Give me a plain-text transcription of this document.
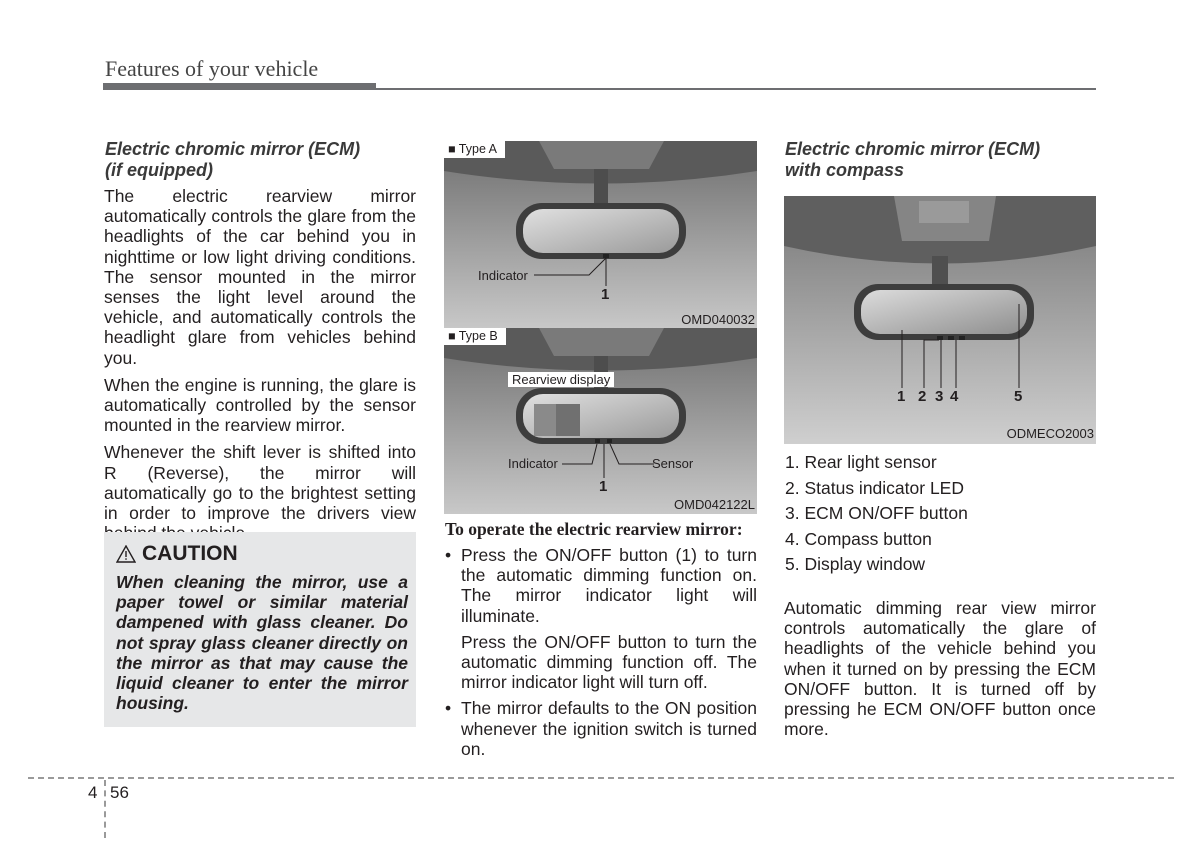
Features of your vehicle
Electric chromic mirror (ECM)
(if equipped)

The electric rearview mirror automatically controls the glare from the headlights of the car behind you in nighttime or low light driving conditions. The sensor mounted in the mirror senses the light level around the vehicle, and automatically controls the headlight glare from vehicles behind you.

When the engine is running, the glare is automatically controlled by the sensor mounted in the rearview mirror.

Whenever the shift lever is shifted into R (Reverse), the mirror will automatically go to the brightest setting in order to improve the drivers view

CAUTION
When cleaning the mirror, use a paper towel or similar material dampened with glass cleaner. Do not spray glass cleaner directly on the mirror as that may cause the liquid cleaner to enter the mirror housing.
■ Type A
Indicator
1
OMD040032
■ Type B
Rearview display
Indicator	Sensor
1
OMD042122L
To operate the electric rearview mirror:
• Press the ON/OFF button (1) to turn the automatic dimming function on. The mirror indicator light will illuminate.
Press the ON/OFF button to turn the automatic dimming function off. The mirror indicator light will turn off.
• The mirror defaults to the ON position whenever the ignition switch is turned on.
Electric chromic mirror (ECM)
with compass
1 2 3 4	5
ODMECO2003
1. Rear light sensor
2. Status indicator LED
3. ECM ON/OFF button
4. Compass button
5. Display window
Automatic dimming rear view mirror controls automatically the glare of headlights of the vehicle behind you when it turned on by pressing the ECM ON/OFF button. It is turned off by pressing he ECM ON/OFF button once more.
4 56
